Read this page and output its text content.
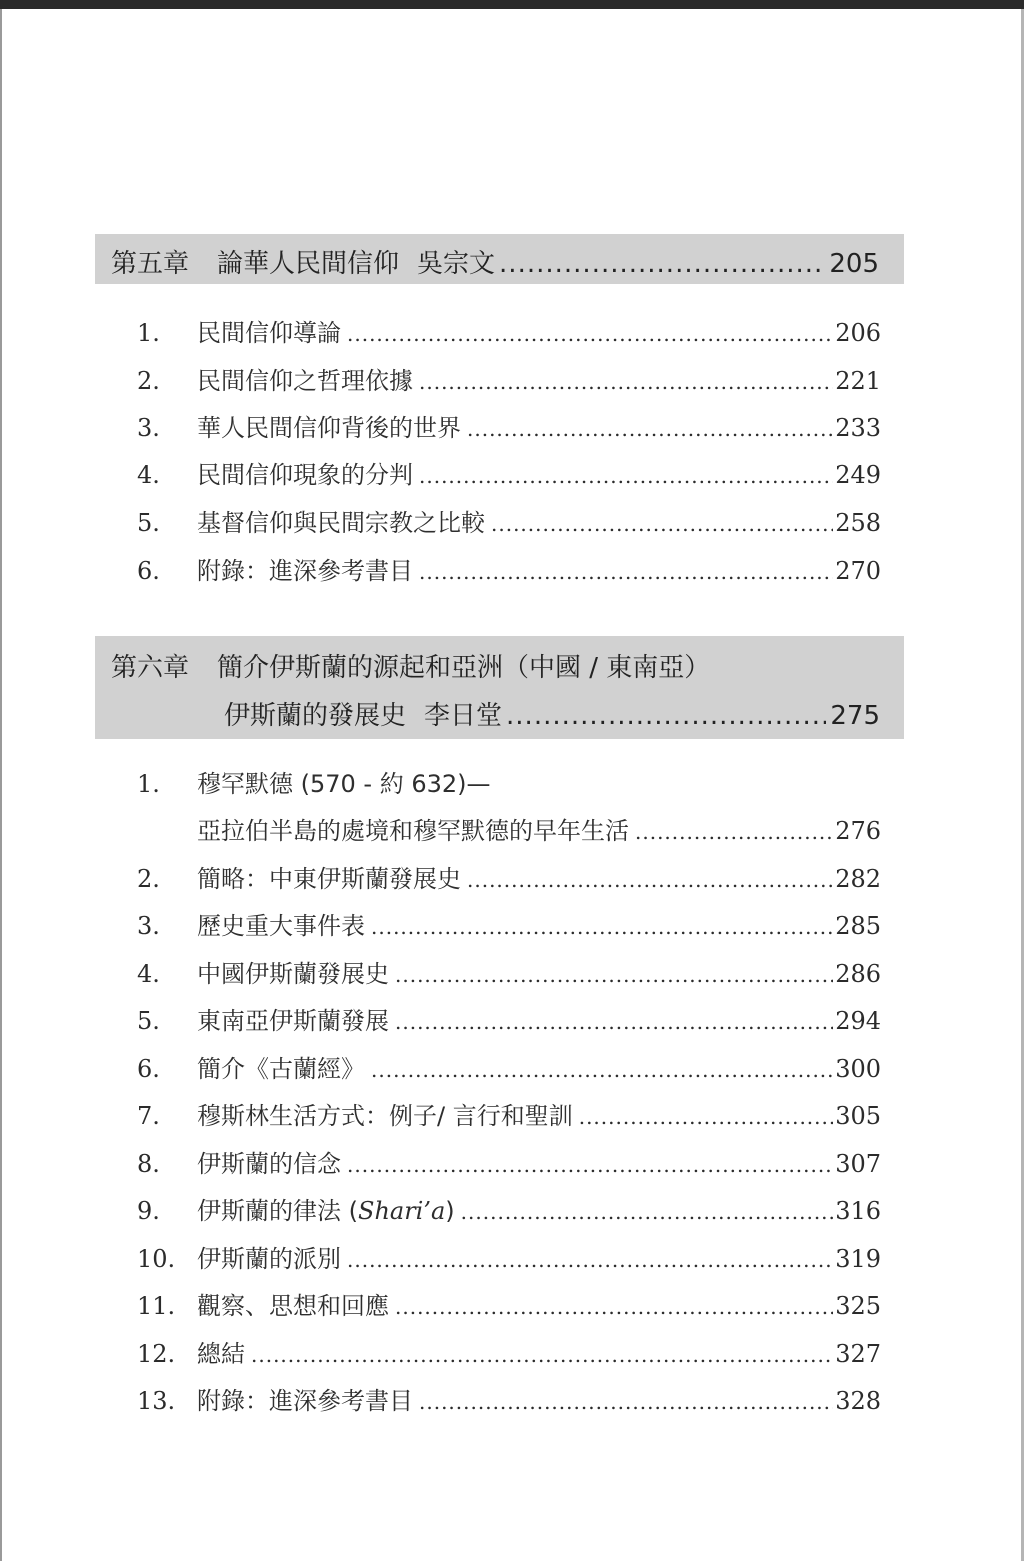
第五章 論華人民間信仰 吳宗文 .....	205
1.	民間信仰導論 .....	206
2.	民間信仰之哲理依據 .....	221
3.	華人民間信仰背後的世界 .....	233
4.	民間信仰現象的分判 .....	249
5.	基督信仰與民間宗教之比較 .....	258
6.	附錄：進深參考書目 .....	270
第六章 簡介伊斯蘭的源起和亞洲（中國 / 東南亞）
伊斯蘭的發展史 李日堂 .....	275
1.	穆罕默德 (570 - 約 632)—
亞拉伯半島的處境和穆罕默德的早年生活 .....	276
2.	簡略：中東伊斯蘭發展史 .....	282
3.	歷史重大事件表 .....	285
4.	中國伊斯蘭發展史 .....	286
5.	東南亞伊斯蘭發展 .....	294
6.	簡介《古蘭經》 .....	300
7.	穆斯林生活方式：例子/ 言行和聖訓 .....	305
8.	伊斯蘭的信念 .....	307
9.	伊斯蘭的律法 (Shari’a) .....	316
10. 伊斯蘭的派別 .....	319
11. 觀察、思想和回應 .....	325
12. 總結 .....	327
13. 附錄：進深參考書目 .....	328
